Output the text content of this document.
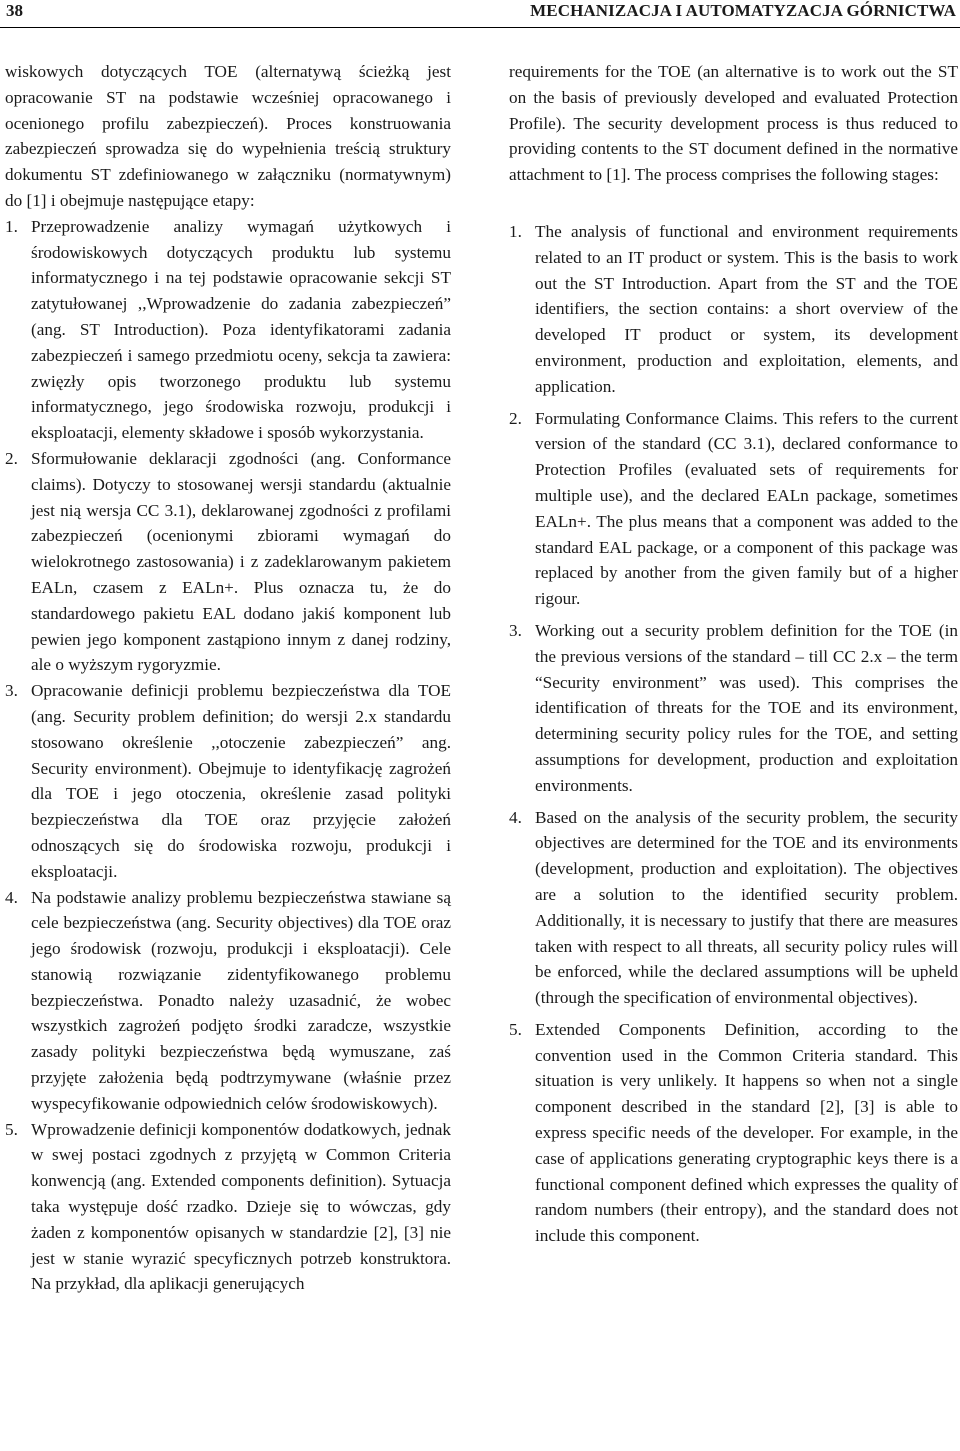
38	MECHANIZACJA I AUTOMATYZACJA GÓRNICTWA

wiskowych dotyczących TOE (alternatywą ścieżką jest opracowanie ST na podstawie wcześniej opracowanego i ocenionego profilu zabezpieczeń). Proces konstruowania zabezpieczeń sprowadza się do wypełnienia treścią struktury dokumentu ST zdefiniowanego w załączniku (normatywnym) do [1] i obejmuje następujące etapy:

1. Przeprowadzenie analizy wymagań użytkowych i środowiskowych dotyczących produktu lub systemu informatycznego i na tej podstawie opracowanie sekcji ST zatytułowanej ,,Wprowadzenie do zadania zabezpieczeń” (ang. ST Introduction). Poza identyfikatorami zadania zabezpieczeń i samego przedmiotu oceny, sekcja ta zawiera: zwięzły opis tworzonego produktu lub systemu informatycznego, jego środowiska rozwoju, produkcji i eksploatacji, elementy składowe i sposób wykorzystania.
2. Sformułowanie deklaracji zgodności (ang. Conformance claims). Dotyczy to stosowanej wersji standardu (aktualnie jest nią wersja CC 3.1), deklarowanej zgodności z profilami zabezpieczeń (ocenionymi zbiorami wymagań do wielokrotnego zastosowania) i z zadeklarowanym pakietem EALn, czasem z EALn+. Plus oznacza tu, że do standardowego pakietu EAL dodano jakiś komponent lub pewien jego komponent zastąpiono innym z danej rodziny, ale o wyższym rygoryzmie.
3. Opracowanie definicji problemu bezpieczeństwa dla TOE (ang. Security problem definition; do wersji 2.x standardu stosowano określenie ,,otoczenie zabezpieczeń” ang. Security environment). Obejmuje to identyfikację zagrożeń dla TOE i jego otoczenia, określenie zasad polityki bezpieczeństwa dla TOE oraz przyjęcie założeń odnoszących się do środowiska rozwoju, produkcji i eksploatacji.
4. Na podstawie analizy problemu bezpieczeństwa stawiane są cele bezpieczeństwa (ang. Security objectives) dla TOE oraz jego środowisk (rozwoju, produkcji i eksploatacji). Cele stanowią rozwiązanie zidentyfikowanego problemu bezpieczeństwa. Ponadto należy uzasadnić, że wobec wszystkich zagrożeń podjęto środki zaradcze, wszystkie zasady polityki bezpieczeństwa będą wymuszane, zaś przyjęte założenia będą podtrzymywane (właśnie przez wyspecyfikowanie odpowiednich celów środowiskowych).
5. Wprowadzenie definicji komponentów dodatkowych, jednak w swej postaci zgodnych z przyjętą w Common Criteria konwencją (ang. Extended components definition). Sytuacja taka występuje dość rzadko. Dzieje się to wówczas, gdy żaden z komponentów opisanych w standardzie [2], [3] nie jest w stanie wyrazić specyficznych potrzeb konstruktora. Na przykład, dla aplikacji generujących

requirements for the TOE (an alternative is to work out the ST on the basis of previously developed and evaluated Protection Profile). The security development process is thus reduced to providing contents to the ST document defined in the normative attachment to [1]. The process comprises the following stages:

1. The analysis of functional and environment requirements related to an IT product or system. This is the basis to work out the ST Introduction. Apart from the ST and the TOE identifiers, the section contains: a short overview of the developed IT product or system, its development environment, production and exploitation, elements, and application.
2. Formulating Conformance Claims. This refers to the current version of the standard (CC 3.1), declared conformance to Protection Profiles (evaluated sets of requirements for multiple use), and the declared EALn package, sometimes EALn+. The plus means that a component was added to the standard EAL package, or a component of this package was replaced by another from the given family but of a higher rigour.
3. Working out a security problem definition for the TOE (in the previous versions of the standard – till CC 2.x – the term “Security environment” was used). This comprises the identification of threats for the TOE and its environment, determining security policy rules for the TOE, and setting assumptions for development, production and exploitation environments.
4. Based on the analysis of the security problem, the security objectives are determined for the TOE and its environments (development, production and exploitation). The objectives are a solution to the identified security problem. Additionally, it is necessary to justify that there are measures taken with respect to all threats, all security policy rules will be enforced, while the declared assumptions will be upheld (through the specification of environmental objectives).
5. Extended Components Definition, according to the convention used in the Common Criteria standard. This situation is very unlikely. It happens so when not a single component described in the standard [2], [3] is able to express specific needs of the developer. For example, in the case of applications generating cryptographic keys there is a functional component defined which expresses the quality of random numbers (their entropy), and the standard does not include this component.
